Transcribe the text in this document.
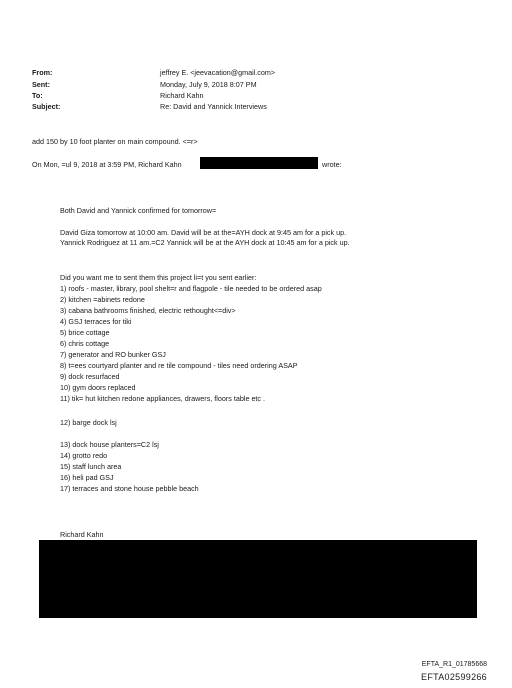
From:	jeffrey E. <jeevacation@gmail.com>
Sent:	Monday, July 9, 2018 8:07 PM
To:	Richard Kahn
Subject:	Re: David and Yannick Interviews
add 150 by 10 foot planter on main compound. <=r>
On Mon, =ul 9, 2018 at 3:59 PM, Richard Kahn	wrote:
Both David and Yannick confirmed for tomorrow=
David Giza tomorrow at 10:00 am. David will be at the=AYH dock at 9:45 am for a pick up.
Yannick Rodriguez at 11 am.=C2 Yannick will be at the AYH dock at 10:45 am for a pick up.
Did you want me to sent them this project li=t you sent earlier:
1) roofs - master, library, pool shelt=r and flagpole - tile needed to be ordered asap
2) kitchen =abinets redone
3) cabana bathrooms finished, electric rethought<=div>
4) GSJ terraces for tiki
5) brice cottage
6) chris cottage
7) generator and RO bunker GSJ
8) t=ees courtyard planter and re tile compound - tiles need ordering ASAP
9) dock resurfaced
10) gym doors replaced
11) tik= hut kitchen redone appliances, drawers, floors table etc .
12) barge dock lsj
13) dock house planters=C2 lsj
14) grotto redo
15) staff lunch area
16) heli pad GSJ
17) terraces and stone house pebble beach
Richard Kahn
EFTA_R1_01785668
EFTA02599266
